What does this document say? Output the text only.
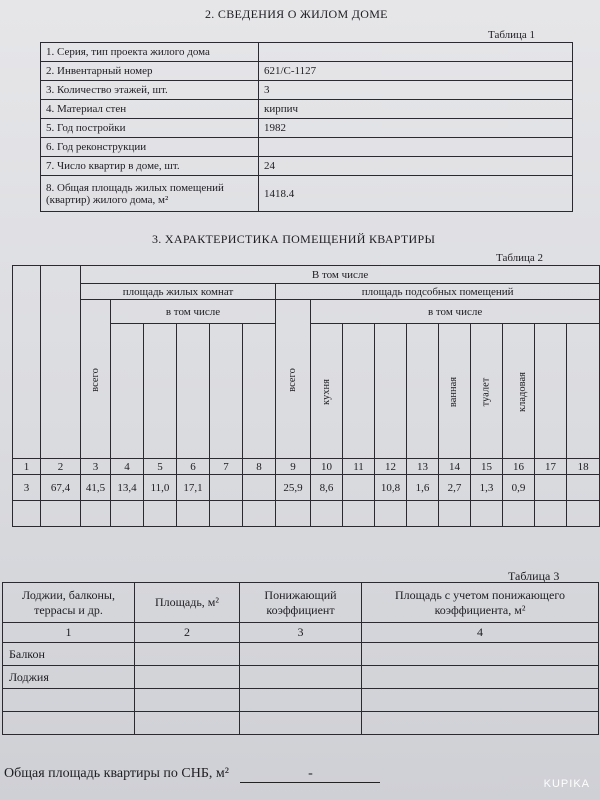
2. СВЕДЕНИЯ О ЖИЛОМ ДОМЕ
Таблица 1
1. Серия, тип проекта жилого дома	
2. Инвентарный номер	621/С-1127
3. Количество этажей, шт.	3
4. Материал стен	кирпич
5. Год постройки	1982
6. Год реконструкции	
7. Число квартир в доме, шт.	24
8. Общая площадь жилых помещений (квартир) жилого дома, м²	1418.4
3. ХАРАКТЕРИСТИКА ПОМЕЩЕНИЙ КВАРТИРЫ
Таблица 2
		В том числе															
		площадь жилых комнат						площадь подсобных помещений									
		всего	в том числе					всего	в том числе								
									кухня				ванная	туалет	кладовая		
1	2	3	4	5	6	7	8	9	10	11	12	13	14	15	16	17	18
3	67,4	41,5	13,4	11,0	17,1			25,9	8,6		10,8	1,6	2,7	1,3	0,9		

Таблица 3
Лоджии, балконы, террасы и др.	Площадь, м²	Понижающий коэффициент	Площадь с учетом понижающего коэффициента, м²
1	2	3	4
Балкон			
Лоджия			

Общая площадь квартиры по СНБ, м²	-
KUPIKA
